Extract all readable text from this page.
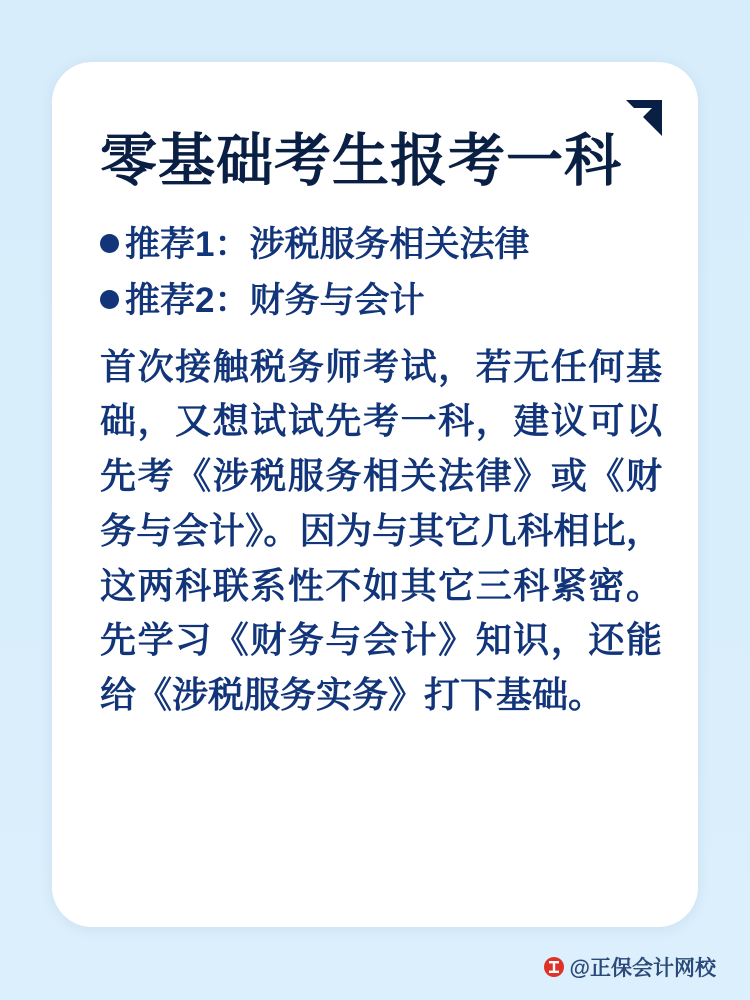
零基础考生报考一科
推荐1：涉税服务相关法律
推荐2：财务与会计

首次接触税务师考试，若无任何基础，又想试试先考一科，建议可以先考《涉税服务相关法律》或《财务与会计》。因为与其它几科相比，这两科联系性不如其它三科紧密。先学习《财务与会计》知识，还能给《涉税服务实务》打下基础。

@正保会计网校
